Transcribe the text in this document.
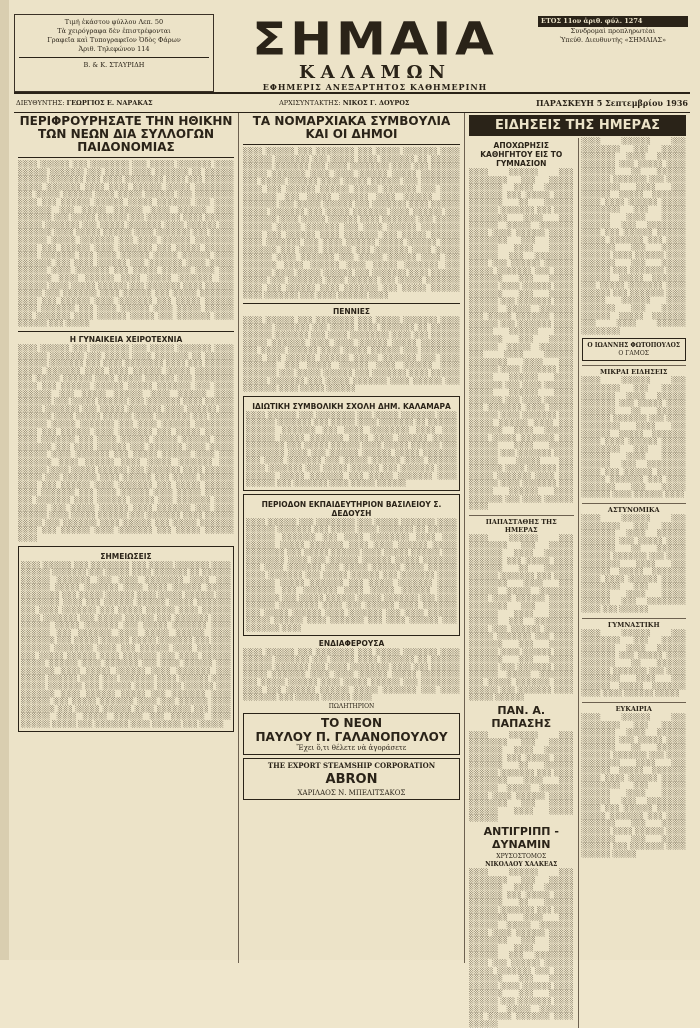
Τιμή ἑκάστου φύλλου Λεπ. 50
Τὰ χειρόγραφα δὲν ἐπιστρέφονται
Γραφεῖα καὶ Τυπογραφεῖον Ὁδὸς Φάρων
Ἀριθ. Τηλεφώνου 114
Β. & Κ. ΣΤΑΥΡΙΔΗ	ΣΗΜΑΙΑ
ΚΑΛΑΜΩΝ
ΕΦΗΜΕΡΙΣ ΑΝΕΞΑΡΤΗΤΟΣ ΚΑΘΗΜΕΡΙΝΗ
ΕΤΟΣ 11ον ἀριθ. φύλ. 1274
Συνδρομαὶ προπληρωτέαι
Ὑπεύθ. Διευθυντὴς «ΣΗΜΑΙΑΣ»
ΔΙΕΥΘΥΝΤΗΣ: ΓΕΩΡΓΙΟΣ Ε. ΝΑΡΑΚΑΣ	ΑΡΧΙΣΥΝΤΑΚΤΗΣ: ΝΙΚΟΣ Γ. ΔΟΥΡΟΣ	ΠΑΡΑΣΚΕΥΗ 5 Σεπτεμβρίου 1936
ΠΕΡΙΦΡΟΥΡΗΣΑΤΕ ΤΗΝ ΗΘΙΚΗΝ ΤΩΝ ΝΕΩΝ ΔΙΑ ΣΥΛΛΟΓΩΝ ΠΑΙΔΟΝΟΜΙΑΣ

░░░░ ░░░░░░ ░░░ ░░░░░░░░ ░░░ ░░░░░ ░░░░░░░ ░░░░ ░░░░░░ ░░░░░░░ ░░░ ░░░░░ ░░░░ ░░░░░░░ ░░ ░░░░░░ ░░░░░░ ░░░░░░░ ░░░ ░░░░ ░░░░░░░░ ░░░░ ░░░ ░░░░░░ ░░░░░ ░░░░░░░ ░░░░ ░░░░ ░░░░░░ ░░░░░ ░░░░░░░░ ░░░ ░░░░░ ░░░░░░ ░░░░ ░░░░░ ░░░░░░ ░░░ ░░░░░░░░ ░░░░ ░░░ ░░░░░░ ░░░░░░ ░░░░░ ░░░░░░░ ░░░ ░░░░ ░░░░░░░ ░░░ ░░░░░ ░░░░░░ ░░░░ ░░░░░░ ░░░░ ░░░░░░░ ░░░ ░░░░░ ░░░░░░ ░░░ ░░░░░░░ ░░░░ ░░░░░░ ░░░░░ ░░░░░░░ ░░░ ░░░░░ ░░░░░░░ ░░░░ ░░░░░░ ░░░ ░░░░░░░ ░░░░ ░░░░░ ░░░░░░ ░░░░ ░░░░░░░ ░░░ ░░░░░ ░░░░░░ ░░░░░ ░░░░░░░ ░░░ ░░░░ ░░░░░░ ░░░░░░░░ ░░░░ ░░░ ░░░░░░ ░░░░ ░░░░░░░ ░░░ ░░░░░ ░░░░░░ ░░░░ ░░░░░░░ ░░░ ░░░░ ░░░░░░ ░░░░░ ░░░░░░ ░░░░ ░░░░░░░ ░░░ ░░░░ ░░░░░░ ░░░ ░░░░░░░ ░░░░ ░░░░░ ░░░░░░ ░░░░ ░░░░░░░ ░░░ ░░░░░ ░░░░░░ ░░░░ ░░░ ░░░░░░░ ░░░░ ░░░░░░ ░░░░ ░░░░░ ░░░░░░░ ░░░ ░░░░░░ ░░░░ ░░░░░ ░░░░░░ ░░░ ░░░░░░░ ░░░░ ░░░░░░ ░░░░░ ░░░ ░░░░░░░ ░░░░ ░░░░░░ ░░░ ░░░░░ ░░░░░░░ ░░░░ ░░░ ░░░░░░ ░░░░ ░░░░░░░ ░░░ ░░░░░ ░░░░░░ ░░░░ ░░░░░░░ ░░░ ░░░░ ░░░░░░ ░░░░ ░░░░░ ░░░░░░ ░░░ ░░░░░░░ ░░░░ ░░░░░░ ░░░░░ ░░░ ░░░░░░░ ░░░░ ░░░░░░ ░░░ ░░░░░

Η ΓΥΝΑΙΚΕΙΑ ΧΕΙΡΟΤΕΧΝΙΑ

░░░░ ░░░░░░ ░░░ ░░░░░░░░ ░░░ ░░░░░ ░░░░░░░ ░░░░ ░░░░░░ ░░░░░░░ ░░░ ░░░░░ ░░░░ ░░░░░░░ ░░ ░░░░░░ ░░░░░░ ░░░░░░░ ░░░ ░░░░ ░░░░░░░░ ░░░░ ░░░ ░░░░░░ ░░░░░ ░░░░░░░ ░░░░ ░░░░ ░░░░░░ ░░░░░ ░░░░░░░░ ░░░ ░░░░░ ░░░░░░ ░░░░ ░░░░░ ░░░░░░ ░░░ ░░░░░░░░ ░░░░ ░░░ ░░░░░░ ░░░░░░ ░░░░░ ░░░░░░░ ░░░ ░░░░ ░░░░░░░ ░░░ ░░░░░ ░░░░░░ ░░░░ ░░░░░░ ░░░░ ░░░░░░░ ░░░ ░░░░░ ░░░░░░ ░░░ ░░░░░░░ ░░░░ ░░░░░░ ░░░░░ ░░░░░░░ ░░░ ░░░░░ ░░░░░░░ ░░░░ ░░░░░░ ░░░ ░░░░░░░ ░░░░ ░░░░░ ░░░░░░ ░░░░ ░░░░░░░ ░░░ ░░░░░ ░░░░░░ ░░░░░ ░░░░░░░ ░░░ ░░░░ ░░░░░░ ░░░░░░░░ ░░░░ ░░░ ░░░░░░ ░░░░ ░░░░░░░ ░░░ ░░░░░ ░░░░░░ ░░░░ ░░░░░░░ ░░░ ░░░░ ░░░░░░ ░░░░░ ░░░░░░ ░░░░ ░░░░░░░ ░░░ ░░░░ ░░░░░░ ░░░ ░░░░░░░ ░░░░ ░░░░░ ░░░░░░ ░░░░ ░░░░░░░ ░░░ ░░░░░ ░░░░░░ ░░░░ ░░░ ░░░░░░░ ░░░░ ░░░░░░ ░░░░ ░░░░░ ░░░░░░░ ░░░ ░░░░░░ ░░░░ ░░░░░ ░░░░░░ ░░░ ░░░░░░░ ░░░░ ░░░░░░ ░░░░░ ░░░ ░░░░░░░ ░░░░ ░░░░░░ ░░░ ░░░░░ ░░░░░░░ ░░░░ ░░░ ░░░░░░ ░░░░ ░░░░░░░ ░░░ ░░░░░ ░░░░░░ ░░░░ ░░░░░░░ ░░░ ░░░░ ░░░░░░ ░░░░ ░░░░░ ░░░░░░ ░░░ ░░░░░░░ ░░░░ ░░░░░░ ░░░░░ ░░░ ░░░░░░░ ░░░░ ░░░░░░ ░░░ ░░░░░ ░░░░░░ ░░░░ ░░░░░░░ ░░░ ░░░░ ░░░░░░ ░░░░ ░░░░░ ░░░░░░ ░░░ ░░░░░░░ ░░░░ ░░░░░░ ░░░░░ ░░░ ░░░░░░░ ░░░░ ░░░░░░ ░░░ ░░░░░ ░░░░░░░ ░░░░ ░░░ ░░░░░░ ░░░░ ░░░░░░░ ░░░ ░░░░░ ░░░░░░ ░░░░

ΣΗΜΕΙΩΣΕΙΣ

░░░░ ░░░░░░ ░░░ ░░░░░░░░ ░░░ ░░░░░ ░░░░░░░ ░░░░ ░░░░░░ ░░░░░░░ ░░░ ░░░░░ ░░░░ ░░░░░░░ ░░ ░░░░░░ ░░░░░░ ░░░░░░░ ░░░ ░░░░ ░░░░░░░░ ░░░░ ░░░ ░░░░░░ ░░░░░ ░░░░░░░ ░░░░ ░░░░ ░░░░░░ ░░░░░ ░░░░░░░░ ░░░ ░░░░░ ░░░░░░ ░░░░ ░░░░░ ░░░░░░ ░░░ ░░░░░░░░ ░░░░ ░░░ ░░░░░░ ░░░░░░ ░░░░░ ░░░░░░░ ░░░ ░░░░ ░░░░░░░ ░░░ ░░░░░ ░░░░░░ ░░░░ ░░░░░░ ░░░░ ░░░░░░░ ░░░ ░░░░░ ░░░░░░ ░░░ ░░░░░░░ ░░░░ ░░░░░░ ░░░░░ ░░░░░░░ ░░░ ░░░░░ ░░░░░░░ ░░░░ ░░░░░░ ░░░ ░░░░░░░ ░░░░ ░░░░░ ░░░░░░ ░░░░ ░░░░░░░ ░░░ ░░░░░ ░░░░░░ ░░░░░ ░░░░░░░ ░░░ ░░░░ ░░░░░░ ░░░░░░░░ ░░░░ ░░░ ░░░░░░ ░░░░ ░░░░░░░ ░░░ ░░░░░ ░░░░░░ ░░░░ ░░░░░░░ ░░░ ░░░░ ░░░░░░ ░░░░░ ░░░░░░ ░░░░ ░░░░░░░ ░░░ ░░░░ ░░░░░░ ░░░ ░░░░░░░ ░░░░ ░░░░░ ░░░░░░ ░░░░ ░░░░░░░ ░░░ ░░░░░ ░░░░░░ ░░░░ ░░░ ░░░░░░░ ░░░░ ░░░░░░ ░░░░ ░░░░░ ░░░░░░░ ░░░ ░░░░░░ ░░░░ ░░░░░ ░░░░░░ ░░░ ░░░░░░░ ░░░░ ░░░░░░ ░░░░░ ░░░ ░░░░░░░ ░░░░ ░░░░░░ ░░░ ░░░░░ ░░░░░░░ ░░░░ ░░░ ░░░░░░ ░░░░ ░░░░░░░ ░░░ ░░░░░ ░░░░░░ ░░░░ ░░░░░░░ ░░░ ░░░░ ░░░░░░ ░░░░ ░░░░░ ░░░░░░ ░░░ ░░░░░░░ ░░░░ ░░░░░░ ░░░░░ ░░░ ░░░░░░░ ░░░░ ░░░░░░ ░░░ ░░░░░

ΤΑ ΝΟΜΑΡΧΙΑΚΑ ΣΥΜΒΟΥΛΙΑ ΚΑΙ ΟΙ ΔΗΜΟΙ

░░░░ ░░░░░░ ░░░ ░░░░░░░░ ░░░ ░░░░░ ░░░░░░░ ░░░░ ░░░░░░ ░░░░░░░ ░░░ ░░░░░ ░░░░ ░░░░░░░ ░░ ░░░░░░ ░░░░░░ ░░░░░░░ ░░░ ░░░░ ░░░░░░░░ ░░░░ ░░░ ░░░░░░ ░░░░░ ░░░░░░░ ░░░░ ░░░░ ░░░░░░ ░░░░░ ░░░░░░░░ ░░░ ░░░░░ ░░░░░░ ░░░░ ░░░░░ ░░░░░░ ░░░ ░░░░░░░░ ░░░░ ░░░ ░░░░░░ ░░░░░░ ░░░░░ ░░░░░░░ ░░░ ░░░░ ░░░░░░░ ░░░ ░░░░░ ░░░░░░ ░░░░ ░░░░░░ ░░░░ ░░░░░░░ ░░░ ░░░░░ ░░░░░░ ░░░ ░░░░░░░ ░░░░ ░░░░░░ ░░░░░ ░░░░░░░ ░░░ ░░░░░ ░░░░░░░ ░░░░ ░░░░░░ ░░░ ░░░░░░░ ░░░░ ░░░░░ ░░░░░░ ░░░░ ░░░░░░░ ░░░ ░░░░░ ░░░░░░ ░░░░░ ░░░░░░░ ░░░ ░░░░ ░░░░░░ ░░░░░░░░ ░░░░ ░░░ ░░░░░░ ░░░░ ░░░░░░░ ░░░ ░░░░░ ░░░░░░ ░░░░ ░░░░░░░ ░░░ ░░░░ ░░░░░░ ░░░░░ ░░░░░░ ░░░░ ░░░░░░░ ░░░ ░░░░ ░░░░░░ ░░░ ░░░░░░░ ░░░░ ░░░░░ ░░░░░░ ░░░░ ░░░░░░░ ░░░ ░░░░░ ░░░░░░ ░░░░ ░░░ ░░░░░░░ ░░░░ ░░░░░░ ░░░░ ░░░░░ ░░░░░░░ ░░░ ░░░░░░ ░░░░ ░░░░░ ░░░░░░ ░░░ ░░░░░░░ ░░░░ ░░░░░░ ░░░░░ ░░░ ░░░░░░░ ░░░░ ░░░░░░ ░░░ ░░░░░ ░░░░░░░ ░░░░ ░░░ ░░░░░░ ░░░░ ░░░░░░░ ░░░ ░░░░░ ░░░░░░ ░░░░ ░░░░░░░ ░░░ ░░░░ ░░░░░░ ░░░░

ΠΕΝΝΙΕΣ

░░░░ ░░░░░░ ░░░ ░░░░░░░░ ░░░ ░░░░░ ░░░░░░░ ░░░░ ░░░░░░ ░░░░░░░ ░░░ ░░░░░ ░░░░ ░░░░░░░ ░░ ░░░░░░ ░░░░░░ ░░░░░░░ ░░░ ░░░░ ░░░░░░░░ ░░░░ ░░░ ░░░░░░ ░░░░░ ░░░░░░░ ░░░░ ░░░░ ░░░░░░ ░░░░░ ░░░░░░░░ ░░░ ░░░░░ ░░░░░░ ░░░░ ░░░░░ ░░░░░░ ░░░ ░░░░░░░░ ░░░░ ░░░ ░░░░░░ ░░░░░░ ░░░░░ ░░░░░░░ ░░░ ░░░░ ░░░░░░░ ░░░ ░░░░░ ░░░░░░ ░░░░ ░░░░░░ ░░░░ ░░░░░░░ ░░░ ░░░░░ ░░░░░░ ░░░ ░░░░░░░ ░░░░ ░░░░░░ ░░░░░ ░░░░░░░ ░░░ ░░░░░ ░░░░░░░ ░░░░ ░░░░░░ ░░░ ░░░░░░░ ░░░░ ░░░░░ ░░░░░░

ΙΔΙΩΤΙΚΗ ΣΥΜΒΟΛΙΚΗ ΣΧΟΛΗ ΔΗΜ. ΚΑΛΑΜΑΡΑ

░░░░ ░░░░░░ ░░░ ░░░░░░░░ ░░░ ░░░░░ ░░░░░░░ ░░░░ ░░░░░░ ░░░░░░░ ░░░ ░░░░░ ░░░░ ░░░░░░░ ░░ ░░░░░░ ░░░░░░ ░░░░░░░ ░░░ ░░░░ ░░░░░░░░ ░░░░ ░░░ ░░░░░░ ░░░░░ ░░░░░░░ ░░░░ ░░░░ ░░░░░░ ░░░░░ ░░░░░░░░ ░░░ ░░░░░ ░░░░░░ ░░░░ ░░░░░ ░░░░░░ ░░░ ░░░░░░░░ ░░░░ ░░░ ░░░░░░ ░░░░░░ ░░░░░ ░░░░░░░ ░░░ ░░░░ ░░░░░░░ ░░░ ░░░░░ ░░░░░░ ░░░░ ░░░░░░ ░░░░ ░░░░░░░ ░░░ ░░░░░ ░░░░░░ ░░░ ░░░░░░░ ░░░░ ░░░░░░ ░░░░░ ░░░░░░░ ░░░ ░░░░░ ░░░░░░░ ░░░░ ░░░░░░ ░░░ ░░░░░░░ ░░░░ ░░░░░ ░░░░░░

ΠΕΡΙΟΔΟΝ ΕΚΠΑΙΔΕΥΤΗΡΙΟΝ ΒΑΣΙΛΕΙΟΥ Σ. ΔΕΔΟΥΣΗ

░░░░ ░░░░░░ ░░░ ░░░░░░░░ ░░░ ░░░░░ ░░░░░░░ ░░░░ ░░░░░░ ░░░░░░░ ░░░ ░░░░░ ░░░░ ░░░░░░░ ░░ ░░░░░░ ░░░░░░ ░░░░░░░ ░░░ ░░░░ ░░░░░░░░ ░░░░ ░░░ ░░░░░░ ░░░░░ ░░░░░░░ ░░░░ ░░░░ ░░░░░░ ░░░░░ ░░░░░░░░ ░░░ ░░░░░ ░░░░░░ ░░░░ ░░░░░ ░░░░░░ ░░░ ░░░░░░░░ ░░░░ ░░░ ░░░░░░ ░░░░░░ ░░░░░ ░░░░░░░ ░░░ ░░░░ ░░░░░░░ ░░░ ░░░░░ ░░░░░░ ░░░░ ░░░░░░ ░░░░ ░░░░░░░ ░░░ ░░░░░ ░░░░░░ ░░░ ░░░░░░░ ░░░░ ░░░░░░ ░░░░░ ░░░░░░░ ░░░ ░░░░░ ░░░░░░░ ░░░░ ░░░░░░ ░░░ ░░░░░░░ ░░░░ ░░░░░ ░░░░░░ ░░░░ ░░░░░░░ ░░░ ░░░░░ ░░░░░░ ░░░░░ ░░░░░░░ ░░░ ░░░░ ░░░░░░ ░░░░░░░░ ░░░░ ░░░ ░░░░░░ ░░░░ ░░░░░░░ ░░░ ░░░░░ ░░░░░░ ░░░░ ░░░░░░░ ░░░ ░░░░ ░░░░░░ ░░░░░ ░░░░░░ ░░░░ ░░░░░░░ ░░░ ░░░░ ░░░░░░ ░░░ ░░░░░░░ ░░░░

ΕΝΔΙΑΦΕΡΟΥΣΑ

░░░░ ░░░░░░ ░░░ ░░░░░░░░ ░░░ ░░░░░ ░░░░░░░ ░░░░ ░░░░░░ ░░░░░░░ ░░░ ░░░░░ ░░░░ ░░░░░░░ ░░ ░░░░░░ ░░░░░░ ░░░░░░░ ░░░ ░░░░ ░░░░░░░░ ░░░░ ░░░ ░░░░░░ ░░░░░ ░░░░░░░ ░░░░ ░░░░ ░░░░░░ ░░░░░ ░░░░░░░░ ░░░ ░░░░░ ░░░░░░ ░░░░ ░░░░░ ░░░░░░ ░░░ ░░░░░░░░ ░░░░ ░░░ ░░░░░░ ░░░░░░ ░░░░░ ░░░░░░░ ░░░ ░░░░ ░░░░░░░ ░░░ ░░░░░ ░░░░░░ ░░░░

ΠΩΛΗΤΗΡΙΟΝ
ΤΟ ΝΕΟΝ
ΠΑΥΛΟΥ Π. ΓΑΛΑΝΟΠΟΥΛΟΥ
Ἔχει ὅ,τι θέλετε νὰ ἀγοράσετε
THE EXPORT STEAMSHIP CORPORATION
ABRON
ΧΑΡΙΛΑΟΣ Ν. ΜΠΕΛΙΤΣΑΚΟΣ
ΕΙΔΗΣΕΙΣ ΤΗΣ ΗΜΕΡΑΣ
ΑΠΟΧΩΡΗΣΙΣ ΚΑΘΗΓΗΤΟΥ ΕΙΣ ΤΟ ΓΥΜΝΑΣΙΟΝ

░░░░ ░░░░░░ ░░░ ░░░░░░░░ ░░░ ░░░░░ ░░░░░░░ ░░░░ ░░░░░░ ░░░░░░░ ░░░ ░░░░░ ░░░░ ░░░░░░░ ░░ ░░░░░░ ░░░░░░ ░░░░░░░ ░░░ ░░░░ ░░░░░░░░ ░░░░ ░░░ ░░░░░░ ░░░░░ ░░░░░░░ ░░░░ ░░░░ ░░░░░░ ░░░░░ ░░░░░░░░ ░░░ ░░░░░ ░░░░░░ ░░░░ ░░░░░ ░░░░░░ ░░░ ░░░░░░░░ ░░░░ ░░░ ░░░░░░ ░░░░░░ ░░░░░ ░░░░░░░ ░░░ ░░░░ ░░░░░░░ ░░░ ░░░░░ ░░░░░░ ░░░░ ░░░░░░ ░░░░ ░░░░░░░ ░░░ ░░░░░ ░░░░░░ ░░░ ░░░░░░░ ░░░░ ░░░░░░ ░░░░░ ░░░░░░░ ░░░ ░░░░░ ░░░░░░░ ░░░░ ░░░░░░ ░░░ ░░░░░░░ ░░░░ ░░░░░ ░░░░░░ ░░░░ ░░░░░░░ ░░░ ░░░░░ ░░░░░░ ░░░░░ ░░░░░░░ ░░░ ░░░░ ░░░░░░ ░░░░░░░░ ░░░░ ░░░ ░░░░░░ ░░░░ ░░░░░░░ ░░░ ░░░░░ ░░░░░░ ░░░░ ░░░░░░░ ░░░ ░░░░ ░░░░░░ ░░░░░ ░░░░░░ ░░░░ ░░░░░░░ ░░░ ░░░░ ░░░░░░ ░░░ ░░░░░░░ ░░░░ ░░░░░ ░░░░░░ ░░░░ ░░░░░░░ ░░░ ░░░░░ ░░░░░░ ░░░░ ░░░ ░░░░░░░ ░░░░ ░░░░░░ ░░░░ ░░░░░ ░░░░░░░ ░░░ ░░░░░░ ░░░░ ░░░░░ ░░░░░░ ░░░ ░░░░░░░ ░░░░ ░░░░░░ ░░░░░ ░░░ ░░░░░░░ ░░░░ ░░░░░░ ░░░ ░░░░░ ░░░░░░░ ░░░░ ░░░ ░░░░░░ ░░░░ ░░░░░░░ ░░░ ░░░░░ ░░░░░░ ░░░░ ░░░░░░░ ░░░ ░░░░ ░░░░░░ ░░░░

ΠΑΠΑΣΤΑΘΗΣ ΤΗΣ ΗΜΕΡΑΣ

░░░░ ░░░░░░ ░░░ ░░░░░░░░ ░░░ ░░░░░ ░░░░░░░ ░░░░ ░░░░░░ ░░░░░░░ ░░░ ░░░░░ ░░░░ ░░░░░░░ ░░ ░░░░░░ ░░░░░░ ░░░░░░░ ░░░ ░░░░ ░░░░░░░░ ░░░░ ░░░ ░░░░░░ ░░░░░ ░░░░░░░ ░░░░ ░░░░ ░░░░░░ ░░░░░ ░░░░░░░░ ░░░ ░░░░░ ░░░░░░ ░░░░ ░░░░░ ░░░░░░ ░░░ ░░░░░░░░ ░░░░ ░░░ ░░░░░░ ░░░░░░ ░░░░░ ░░░░░░░ ░░░ ░░░░ ░░░░░░░ ░░░ ░░░░░ ░░░░░░ ░░░░ ░░░░░░ ░░░░ ░░░░░░░ ░░░ ░░░░░ ░░░░░░ ░░░ ░░░░░░░ ░░░░ ░░░░░░ ░░░░░ ░░░░░░░ ░░░ ░░░░░ ░░░░░░░ ░░░░ ░░░░░░ ░░░ ░░░░░░░ ░░░░ ░░░░░ ░░░░░░

ΠΑΝ. Α. ΠΑΠΑΣΗΣ

░░░░ ░░░░░░ ░░░ ░░░░░░░░ ░░░ ░░░░░ ░░░░░░░ ░░░░ ░░░░░░ ░░░░░░░ ░░░ ░░░░░ ░░░░ ░░░░░░░ ░░ ░░░░░░ ░░░░░░ ░░░░░░░ ░░░ ░░░░ ░░░░░░░░ ░░░░ ░░░ ░░░░░░ ░░░░░ ░░░░░░░ ░░░░ ░░░░ ░░░░░░ ░░░░░ ░░░░░░░░ ░░░ ░░░░░ ░░░░░░ ░░░░ ░░░░░ ░░░░░░

ΑΝΤΙΓΡΙΠΠ - ΔΥΝΑΜΙΝ
ΧΡΥΣΟΣΤΟΜΟΣ
ΝΙΚΟΛΑΟΥ ΧΑΛΚΕΑΣ

░░░░ ░░░░░░ ░░░ ░░░░░░░░ ░░░ ░░░░░ ░░░░░░░ ░░░░ ░░░░░░ ░░░░░░░ ░░░ ░░░░░ ░░░░ ░░░░░░░ ░░ ░░░░░░ ░░░░░░ ░░░░░░░ ░░░ ░░░░ ░░░░░░░░ ░░░░ ░░░ ░░░░░░ ░░░░░ ░░░░░░░ ░░░░ ░░░░ ░░░░░░ ░░░░░ ░░░░░░░░ ░░░ ░░░░░ ░░░░░░ ░░░░ ░░░░░ ░░░░░░ ░░░ ░░░░░░░░ ░░░░ ░░░ ░░░░░░ ░░░░░░ ░░░░░ ░░░░░░░ ░░░ ░░░░ ░░░░░░░ ░░░ ░░░░░ ░░░░░░ ░░░░ ░░░░░░ ░░░░ ░░░░░░░ ░░░ ░░░░░ ░░░░░░ ░░░ ░░░░░░░ ░░░░ ░░░░░░ ░░░░░ ░░░░░░░ ░░░ ░░░░░ ░░░░░░░ ░░░░ ░░░░░░

░░░░ ░░░░░░ ░░░ ░░░░░░░░ ░░░ ░░░░░ ░░░░░░░ ░░░░ ░░░░░░ ░░░░░░░ ░░░ ░░░░░ ░░░░ ░░░░░░░ ░░ ░░░░░░ ░░░░░░ ░░░░░░░ ░░░ ░░░░ ░░░░░░░░ ░░░░ ░░░ ░░░░░░ ░░░░░ ░░░░░░░ ░░░░ ░░░░ ░░░░░░ ░░░░░ ░░░░░░░░ ░░░ ░░░░░ ░░░░░░ ░░░░ ░░░░░ ░░░░░░ ░░░ ░░░░░░░░ ░░░░ ░░░ ░░░░░░ ░░░░░░ ░░░░░ ░░░░░░░ ░░░ ░░░░ ░░░░░░░ ░░░ ░░░░░ ░░░░░░ ░░░░ ░░░░░░ ░░░░ ░░░░░░░ ░░░ ░░░░░ ░░░░░░ ░░░ ░░░░░░░ ░░░░ ░░░░░░ ░░░░░ ░░░░░░░ ░░░ ░░░░░ ░░░░░░░ ░░░░ ░░░░░░ ░░░ ░░░░░░░ ░░░░ ░░░░░ ░░░░░░ ░░░░ ░░░░░░░ ░░░ ░░░░░ ░░░░░░ ░░░░░ ░░░░░░░ ░░░ ░░░░ ░░░░░░ ░░░░░░░░

Ο ΙΩΑΝΝΗΣ ΦΩΤΟΠΟΥΛΟΣ
Ο ΓΑΜΟΣ
ΜΙΚΡΑΙ ΕΙΔΗΣΕΙΣ

░░░░ ░░░░░░ ░░░ ░░░░░░░░ ░░░ ░░░░░ ░░░░░░░ ░░░░ ░░░░░░ ░░░░░░░ ░░░ ░░░░░ ░░░░ ░░░░░░░ ░░ ░░░░░░ ░░░░░░ ░░░░░░░ ░░░ ░░░░ ░░░░░░░░ ░░░░ ░░░ ░░░░░░ ░░░░░ ░░░░░░░ ░░░░ ░░░░ ░░░░░░ ░░░░░ ░░░░░░░░ ░░░ ░░░░░ ░░░░░░ ░░░░ ░░░░░ ░░░░░░ ░░░ ░░░░░░░░ ░░░░ ░░░ ░░░░░░ ░░░░░░ ░░░░░ ░░░░░░░ ░░░ ░░░░ ░░░░░░░ ░░░ ░░░░░ ░░░░░░ ░░░░ ░░░░░░ ░░░░

ΑΣΤΥΝΟΜΙΚΑ

░░░░ ░░░░░░ ░░░ ░░░░░░░░ ░░░ ░░░░░ ░░░░░░░ ░░░░ ░░░░░░ ░░░░░░░ ░░░ ░░░░░ ░░░░ ░░░░░░░ ░░ ░░░░░░ ░░░░░░ ░░░░░░░ ░░░ ░░░░ ░░░░░░░░ ░░░░ ░░░ ░░░░░░ ░░░░░ ░░░░░░░ ░░░░ ░░░░ ░░░░░░ ░░░░░ ░░░░░░░░ ░░░ ░░░░░ ░░░░░░ ░░░░ ░░░░░ ░░░░░░ ░░░ ░░░░░░░░ ░░░░ ░░░ ░░░░░░

ΓΥΜΝΑΣΤΙΚΗ

░░░░ ░░░░░░ ░░░ ░░░░░░░░ ░░░ ░░░░░ ░░░░░░░ ░░░░ ░░░░░░ ░░░░░░░ ░░░ ░░░░░ ░░░░ ░░░░░░░ ░░ ░░░░░░ ░░░░░░ ░░░░░░░ ░░░ ░░░░ ░░░░░░░░ ░░░░ ░░░ ░░░░░░ ░░░░░ ░░░░░░░ ░░░░ ░░░░ ░░░░░░ ░░░░░

ΕΥΚΑΙΡΙΑ

░░░░ ░░░░░░ ░░░ ░░░░░░░░ ░░░ ░░░░░ ░░░░░░░ ░░░░ ░░░░░░ ░░░░░░░ ░░░ ░░░░░ ░░░░ ░░░░░░░ ░░ ░░░░░░ ░░░░░░ ░░░░░░░ ░░░ ░░░░ ░░░░░░░░ ░░░░ ░░░ ░░░░░░ ░░░░░ ░░░░░░░ ░░░░ ░░░░ ░░░░░░ ░░░░░ ░░░░░░░░ ░░░ ░░░░░ ░░░░░░ ░░░░ ░░░░░ ░░░░░░ ░░░ ░░░░░░░░ ░░░░ ░░░ ░░░░░░ ░░░░░░ ░░░░░ ░░░░░░░ ░░░ ░░░░ ░░░░░░░ ░░░ ░░░░░ ░░░░░░ ░░░░ ░░░░░░ ░░░░ ░░░░░░░ ░░░ ░░░░░ ░░░░░░ ░░░ ░░░░░░░ ░░░░ ░░░░░░ ░░░░░
